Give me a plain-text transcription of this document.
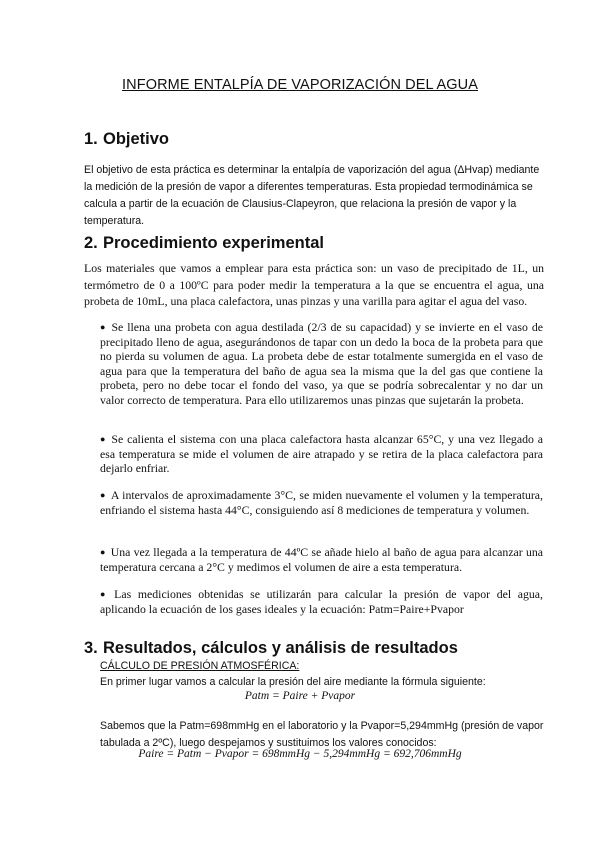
INFORME ENTALPÍA DE VAPORIZACIÓN DEL AGUA
1. Objetivo
El objetivo de esta práctica es determinar la entalpía de vaporización del agua (ΔHvap) mediante la medición de la presión de vapor a diferentes temperaturas. Esta propiedad termodinámica se calcula a partir de la ecuación de Clausius-Clapeyron, que relaciona la presión de vapor y la temperatura.
2. Procedimiento experimental
Los materiales que vamos a emplear para esta práctica son: un vaso de precipitado de 1L, un termómetro de 0 a 100ºC para poder medir la temperatura a la que se encuentra el agua, una probeta de 10mL, una placa calefactora, unas pinzas y una varilla para agitar el agua del vaso.
● Se llena una probeta con agua destilada (2/3 de su capacidad) y se invierte en el vaso de precipitado lleno de agua, asegurándonos de tapar con un dedo la boca de la probeta para que no pierda su volumen de agua. La probeta debe de estar totalmente sumergida en el vaso de agua para que la temperatura del baño de agua sea la misma que la del gas que contiene la probeta, pero no debe tocar el fondo del vaso, ya que se podría sobrecalentar y no dar un valor correcto de temperatura. Para ello utilizaremos unas pinzas que sujetarán la probeta.
● Se calienta el sistema con una placa calefactora hasta alcanzar 65°C, y una vez llegado a esa temperatura se mide el volumen de aire atrapado y se retira de la placa calefactora para dejarlo enfriar.
● A intervalos de aproximadamente 3°C, se miden nuevamente el volumen y la temperatura, enfriando el sistema hasta 44°C, consiguiendo así 8 mediciones de temperatura y volumen.
● Una vez llegada a la temperatura de 44ºC se añade hielo al baño de agua para alcanzar una temperatura cercana a 2°C y medimos el volumen de aire a esta temperatura.
● Las mediciones obtenidas se utilizarán para calcular la presión de vapor del agua, aplicando la ecuación de los gases ideales y la ecuación: Patm=Paire+Pvapor
3. Resultados, cálculos y análisis de resultados
CÁLCULO DE PRESIÓN ATMOSFÉRICA:
En primer lugar vamos a calcular la presión del aire mediante la fórmula siguiente:
Patm = Paire + Pvapor
Sabemos que la Patm=698mmHg en el laboratorio y la Pvapor=5,294mmHg (presión de vapor tabulada a 2ºC), luego despejamos y sustituimos los valores conocidos:
Paire = Patm − Pvapor = 698mmHg − 5,294mmHg = 692,706mmHg
